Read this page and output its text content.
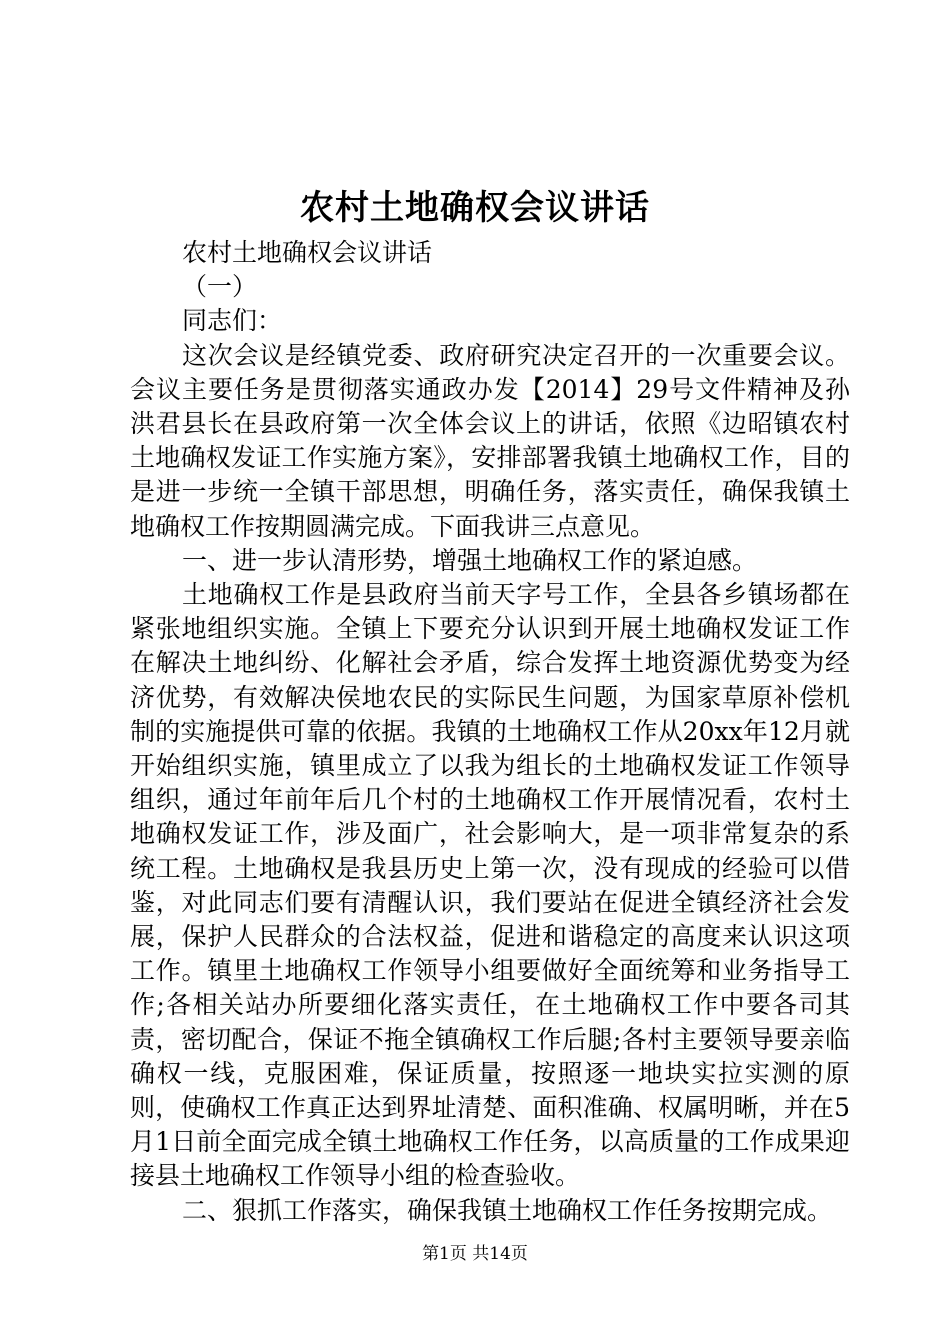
农村土地确权会议讲话

农村土地确权会议讲话

（一）

同志们：

这次会议是经镇党委、政府研究决定召开的一次重要会议。会议主要任务是贯彻落实通政办发【2014】29号文件精神及孙洪君县长在县政府第一次全体会议上的讲话，依照《边昭镇农村土地确权发证工作实施方案》，安排部署我镇土地确权工作，目的是进一步统一全镇干部思想，明确任务，落实责任，确保我镇土地确权工作按期圆满完成。下面我讲三点意见。

一、进一步认清形势，增强土地确权工作的紧迫感。

土地确权工作是县政府当前天字号工作，全县各乡镇场都在紧张地组织实施。全镇上下要充分认识到开展土地确权发证工作在解决土地纠纷、化解社会矛盾，综合发挥土地资源优势变为经济优势，有效解决侯地农民的实际民生问题，为国家草原补偿机制的实施提供可靠的依据。我镇的土地确权工作从20xx年12月就开始组织实施，镇里成立了以我为组长的土地确权发证工作领导组织，通过年前年后几个村的土地确权工作开展情况看，农村土地确权发证工作，涉及面广，社会影响大，是一项非常复杂的系统工程。土地确权是我县历史上第一次，没有现成的经验可以借鉴，对此同志们要有清醒认识，我们要站在促进全镇经济社会发展，保护人民群众的合法权益，促进和谐稳定的高度来认识这项工作。镇里土地确权工作领导小组要做好全面统筹和业务指导工作;各相关站办所要细化落实责任，在土地确权工作中要各司其责，密切配合，保证不拖全镇确权工作后腿;各村主要领导要亲临确权一线，克服困难，保证质量，按照逐一地块实拉实测的原则，使确权工作真正达到界址清楚、面积准确、权属明晰，并在5月1日前全面完成全镇土地确权工作任务，以高质量的工作成果迎接县土地确权工作领导小组的检查验收。

二、狠抓工作落实，确保我镇土地确权工作任务按期完成。

第1页 共14页
